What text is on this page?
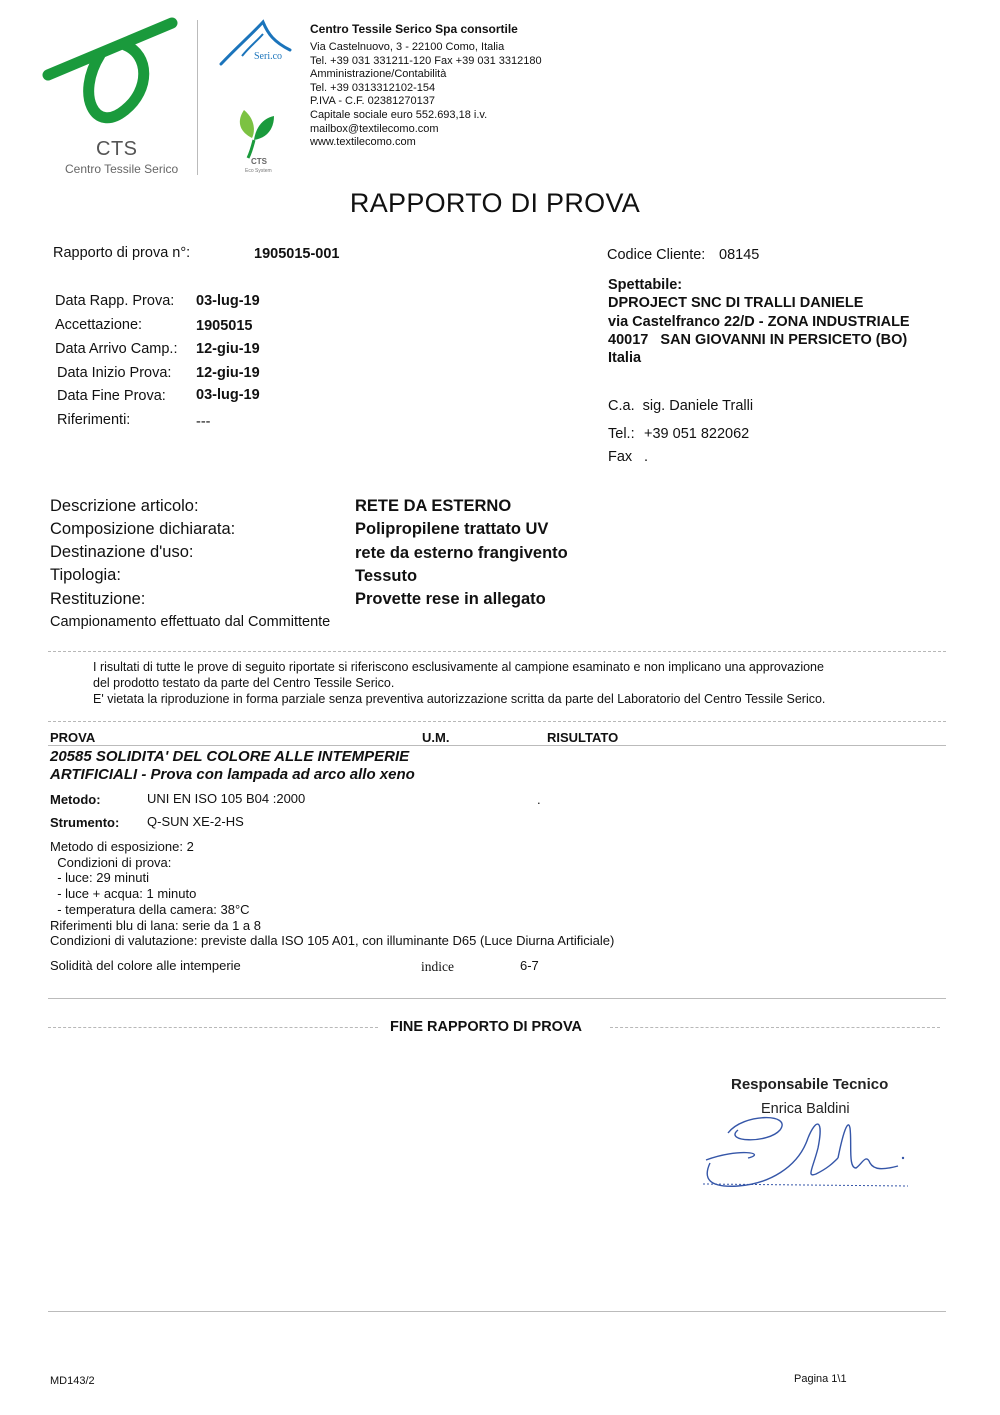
CTS
Centro Tessile Serico
Seri.co
CTS
Eco System
Centro Tessile Serico Spa consortile
Via Castelnuovo, 3 - 22100 Como, Italia
Tel. +39 031 331211-120 Fax +39 031 3312180
Amministrazione/Contabilità
Tel. +39 0313312102-154
P.IVA - C.F. 02381270137
Capitale sociale euro 552.693,18 i.v.
mailbox@textilecomo.com
www.textilecomo.com
RAPPORTO DI PROVA
Rapporto di prova n°:	1905015-001	Codice Cliente: 08145
Data Rapp. Prova: 03-lug-19
Accettazione:	1905015
Data Arrivo Camp.: 12-giu-19
Data Inizio Prova: 12-giu-19
Data Fine Prova: 03-lug-19
Riferimenti:	---
Spettabile:
DPROJECT SNC DI TRALLI DANIELE
via Castelfranco 22/D - ZONA INDUSTRIALE
40017   SAN GIOVANNI IN PERSICETO (BO)
Italia
C.a.  sig. Daniele Tralli
Tel.: +39 051 822062
Fax .
Descrizione articolo:	RETE DA ESTERNO
Composizione dichiarata:	Polipropilene trattato UV
Destinazione d'uso:	rete da esterno frangivento
Tipologia:	Tessuto
Restituzione:	Provette rese in allegato
Campionamento effettuato dal Committente
I risultati di tutte le prove di seguito riportate si riferiscono esclusivamente al campione esaminato e non implicano una approvazione
del prodotto testato da parte del Centro Tessile Serico.
E' vietata la riproduzione in forma parziale senza preventiva autorizzazione scritta da parte del Laboratorio del Centro Tessile Serico.
PROVA	U.M.	RISULTATO
20585 SOLIDITA' DEL COLORE ALLE INTEMPERIE
ARTIFICIALI - Prova con lampada ad arco allo xeno
Metodo:	UNI EN ISO 105 B04 :2000	.
Strumento: Q-SUN XE-2-HS
Metodo di esposizione: 2
Condizioni di prova:
- luce: 29 minuti
- luce + acqua: 1 minuto
- temperatura della camera: 38°C
Riferimenti blu di lana: serie da 1 a 8
Condizioni di valutazione: previste dalla ISO 105 A01, con illuminante D65 (Luce Diurna Artificiale)
Solidità del colore alle intemperie	indice	6-7
FINE RAPPORTO DI PROVA
Responsabile Tecnico
Enrica Baldini
MD143/2	Pagina 1\1
